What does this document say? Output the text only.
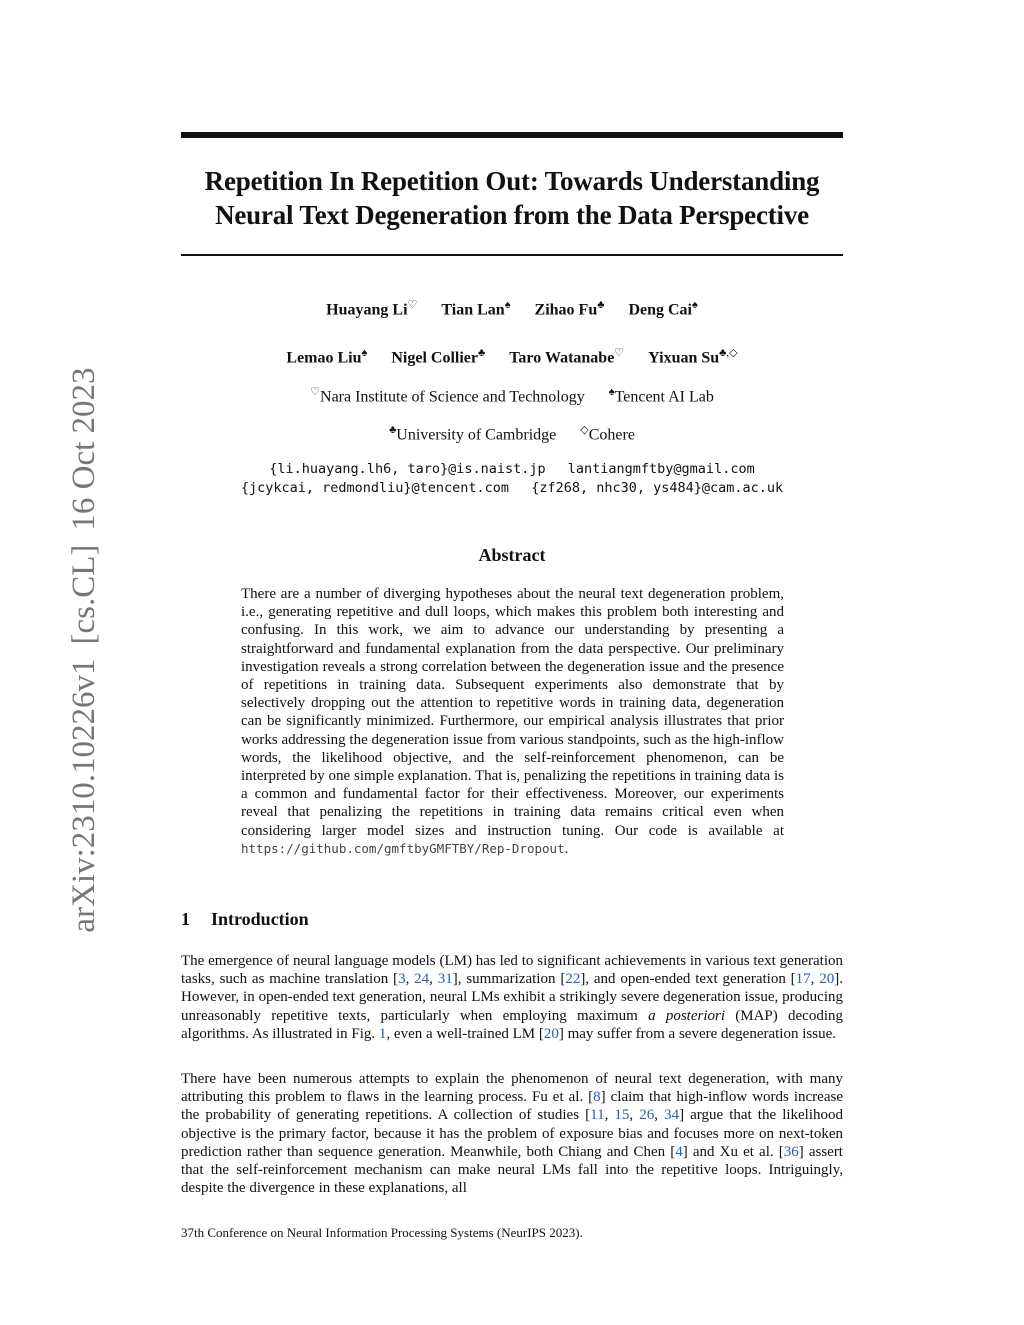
arXiv:2310.10226v1[cs.CL]16 Oct 2023
Repetition In Repetition Out: Towards Understanding
Neural Text Degeneration from the Data Perspective
Huayang Li♡ Tian Lan♠ Zihao Fu♣ Deng Cai♠
Lemao Liu♠ Nigel Collier♣ Taro Watanabe♡ Yixuan Su♣,◇
♡Nara Institute of Science and Technology ♠Tencent AI Lab
♣University of Cambridge ◇Cohere
{li.huayang.lh6, taro}@is.naist.jp lantiangmftby@gmail.com
{jcykcai, redmondliu}@tencent.com {zf268, nhc30, ys484}@cam.ac.uk
Abstract

There are a number of diverging hypotheses about the neural text degeneration problem, i.e., generating repetitive and dull loops, which makes this problem both interesting and confusing. In this work, we aim to advance our understanding by presenting a straightforward and fundamental explanation from the data perspective. Our preliminary investigation reveals a strong correlation between the degeneration issue and the presence of repetitions in training data. Subsequent experiments also demonstrate that by selectively dropping out the attention to repetitive words in training data, degeneration can be significantly minimized. Furthermore, our empirical analysis illustrates that prior works addressing the degeneration issue from various standpoints, such as the high-inflow words, the likelihood objective, and the self-reinforcement phenomenon, can be interpreted by one simple explanation. That is, penalizing the repetitions in training data is a common and fundamental factor for their effectiveness. Moreover, our experiments reveal that penalizing the repetitions in training data remains critical even when considering larger model sizes and instruction tuning. Our code is available at https://github.com/gmftbyGMFTBY/Rep-Dropout.

1 Introduction

The emergence of neural language models (LM) has led to significant achievements in various text generation tasks, such as machine translation [3, 24, 31], summarization [22], and open-ended text generation [17, 20]. However, in open-ended text generation, neural LMs exhibit a strikingly severe degeneration issue, producing unreasonably repetitive texts, particularly when employing maximum a posteriori (MAP) decoding algorithms. As illustrated in Fig. 1, even a well-trained LM [20] may suffer from a severe degeneration issue.

There have been numerous attempts to explain the phenomenon of neural text degeneration, with many attributing this problem to flaws in the learning process. Fu et al. [8] claim that high-inflow words increase the probability of generating repetitions. A collection of studies [11, 15, 26, 34] argue that the likelihood objective is the primary factor, because it has the problem of exposure bias and focuses more on next-token prediction rather than sequence generation. Meanwhile, both Chiang and Chen [4] and Xu et al. [36] assert that the self-reinforcement mechanism can make neural LMs fall into the repetitive loops. Intriguingly, despite the divergence in these explanations, all

37th Conference on Neural Information Processing Systems (NeurIPS 2023).
